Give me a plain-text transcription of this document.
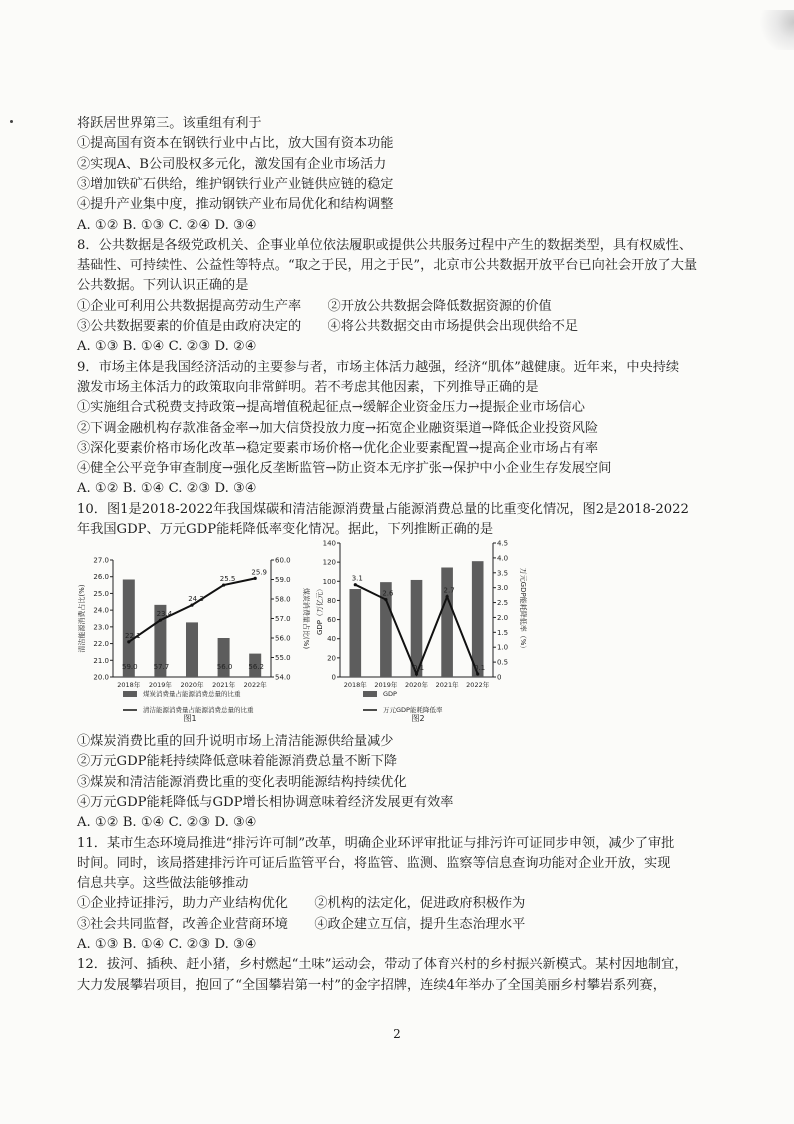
将跃居世界第三。该重组有利于
①提高国有资本在钢铁行业中占比，放大国有资本功能
②实现A、B公司股权多元化，激发国有企业市场活力
③增加铁矿石供给，维护钢铁行业产业链供应链的稳定
④提升产业集中度，推动钢铁产业布局优化和结构调整
A. ①② B. ①③ C. ②④ D. ③④
8．公共数据是各级党政机关、企事业单位依法履职或提供公共服务过程中产生的数据类型，具有权威性、
基础性、可持续性、公益性等特点。“取之于民，用之于民”，北京市公共数据开放平台已向社会开放了大量
公共数据。下列认识正确的是
①企业可利用公共数据提高劳动生产率　　②开放公共数据会降低数据资源的价值
③公共数据要素的价值是由政府决定的　　④将公共数据交由市场提供会出现供给不足
A. ①③ B. ①④ C. ②③ D. ②④
9．市场主体是我国经济活动的主要参与者，市场主体活力越强，经济“肌体”越健康。近年来，中央持续
激发市场主体活力的政策取向非常鲜明。若不考虑其他因素，下列推导正确的是
①实施组合式税费支持政策→提高增值税起征点→缓解企业资金压力→提振企业市场信心
②下调金融机构存款准备金率→加大信贷投放力度→拓宽企业融资渠道→降低企业投资风险
③深化要素价格市场化改革→稳定要素市场价格→优化企业要素配置→提高企业市场占有率
④健全公平竞争审查制度→强化反垄断监管→防止资本无序扩张→保护中小企业生存发展空间
A. ①② B. ①④ C. ②③ D. ③④
10．图1是2018-2022年我国煤碳和清洁能源消费量占能源消费总量的比重变化情况，图2是2018-2022
年我国GDP、万元GDP能耗降低率变化情况。据此，下列推断正确的是
20.0
21.0
22.0
23.0
24.0
25.0
26.0
27.0
54.0
55.0
56.0
57.0
58.0
59.0
60.0
清洁能源消费占比(%)	煤炭消费量占比(%)
59.0 57.7	56.0 56.2
22.1
23.4
24.3
25.5
25.9
2018年 2019年 2020年 2021年 2022年
煤炭消费量占能源消费总量的比重
清洁能源消费量占能源消费总量的比重
图1
0
20
40
60
80
100
120
140
0
0.5
1.0
1.5
2.0
2.5
3.0
3.5
4.0
4.5
GDP（万亿元）	万元GDP能耗降低率（%）
3.1
2.6
0.1
2.7
0.1
2018年 2019年 2020年 2021年 2022年
GDP
万元GDP能耗降低率
图2
①煤炭消费比重的回升说明市场上清洁能源供给量减少
②万元GDP能耗持续降低意味着能源消费总量不断下降
③煤炭和清洁能源消费比重的变化表明能源结构持续优化
④万元GDP能耗降低与GDP增长相协调意味着经济发展更有效率
A. ①② B. ①④ C. ②③ D. ③④
11．某市生态环境局推进“排污许可制”改革，明确企业环评审批证与排污许可证同步申领，减少了审批
时间。同时，该局搭建排污许可证后监管平台，将监管、监测、监察等信息查询功能对企业开放，实现
信息共享。这些做法能够推动
①企业持证排污，助力产业结构优化　　②机构的法定化，促进政府积极作为
③社会共同监督，改善企业营商环境　　④政企建立互信，提升生态治理水平
A. ①③ B. ①④ C. ②③ D. ③④
12．拔河、插秧、赶小猪，乡村燃起“土味”运动会，带动了体育兴村的乡村振兴新模式。某村因地制宜，
大力发展攀岩项目，抱回了“全国攀岩第一村”的金字招牌，连续4年举办了全国美丽乡村攀岩系列赛，
2
